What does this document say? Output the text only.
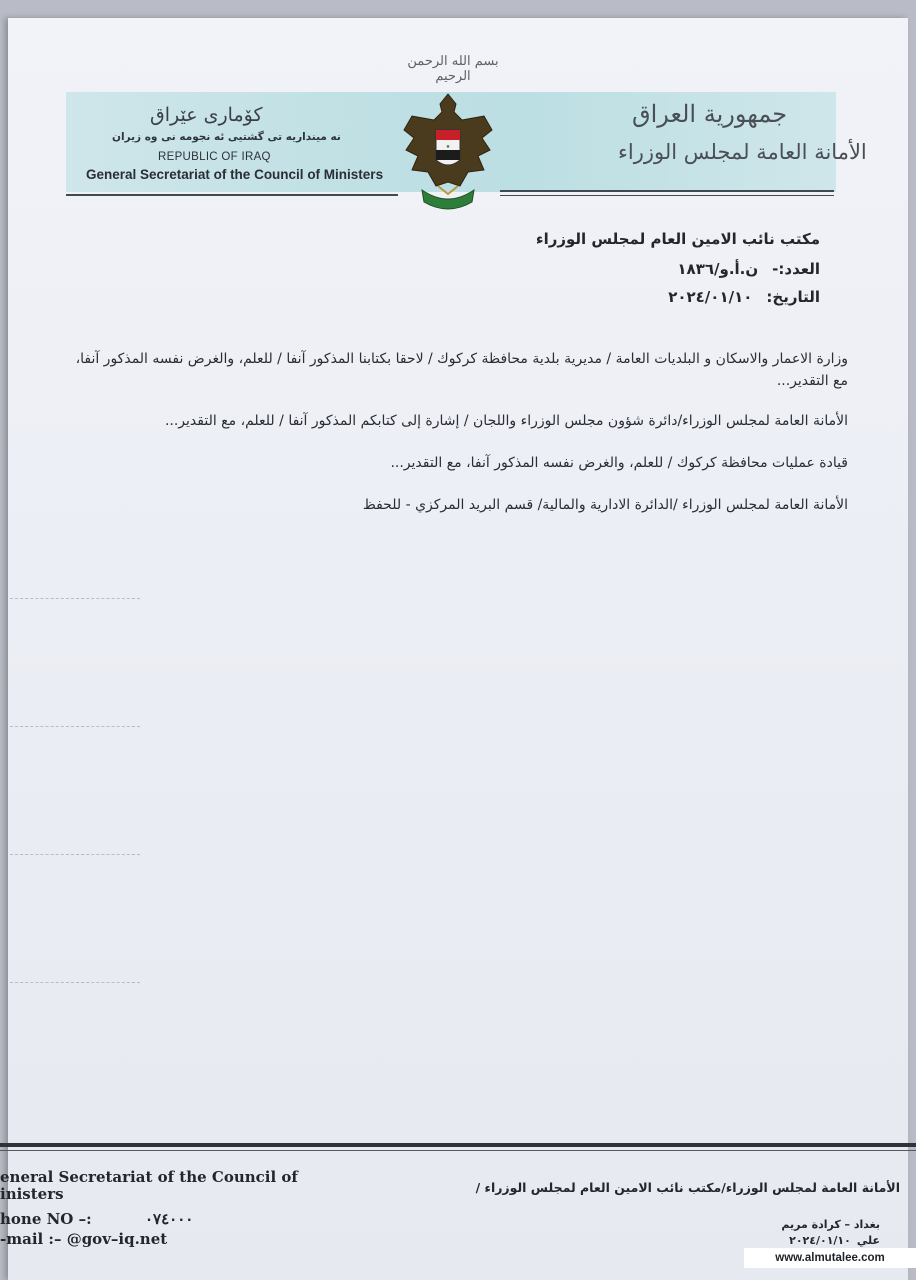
بسم الله الرحمن الرحيم
کۆماری عێراق
نه مینداریه تی گشتیی ئه نجومه نی وه زیران
REPUBLIC OF IRAQ
General Secretariat of the Council of Ministers
جمهورية العراق
الأمانة العامة لمجلس الوزراء
★
مكتب نائب الامين العام لمجلس الوزراء
العدد:-
ن.أ.و/١٨٣٦
التاريخ:
٢٠٢٤/٠١/١٠
وزارة الاعمار والاسكان و البلديات العامة / مديرية بلدية محافظة كركوك / لاحقا بكتابنا المذكور آنفا / للعلم، والغرض نفسه المذكور آنفا، مع التقدير...
الأمانة العامة لمجلس الوزراء/دائرة شؤون مجلس الوزراء واللجان / إشارة إلى كتابكم المذكور آنفا / للعلم، مع التقدير...
قيادة عمليات محافظة كركوك / للعلم، والغرض نفسه المذكور آنفا، مع التقدير...
الأمانة العامة لمجلس الوزراء /الدائرة الادارية والمالية/ قسم البريد المركزي - للحفظ
eneral Secretariat of the Council of
inisters
hone NO –:	٠٧٤٠٠٠
-mail :– @gov–iq.net
الأمانة العامة لمجلس الوزراء/مكتب نائب الامين العام لمجلس الوزراء /
بغداد – كرادة مريم
علي
٢٠٢٤/٠١/١٠
www.almutalee.com
